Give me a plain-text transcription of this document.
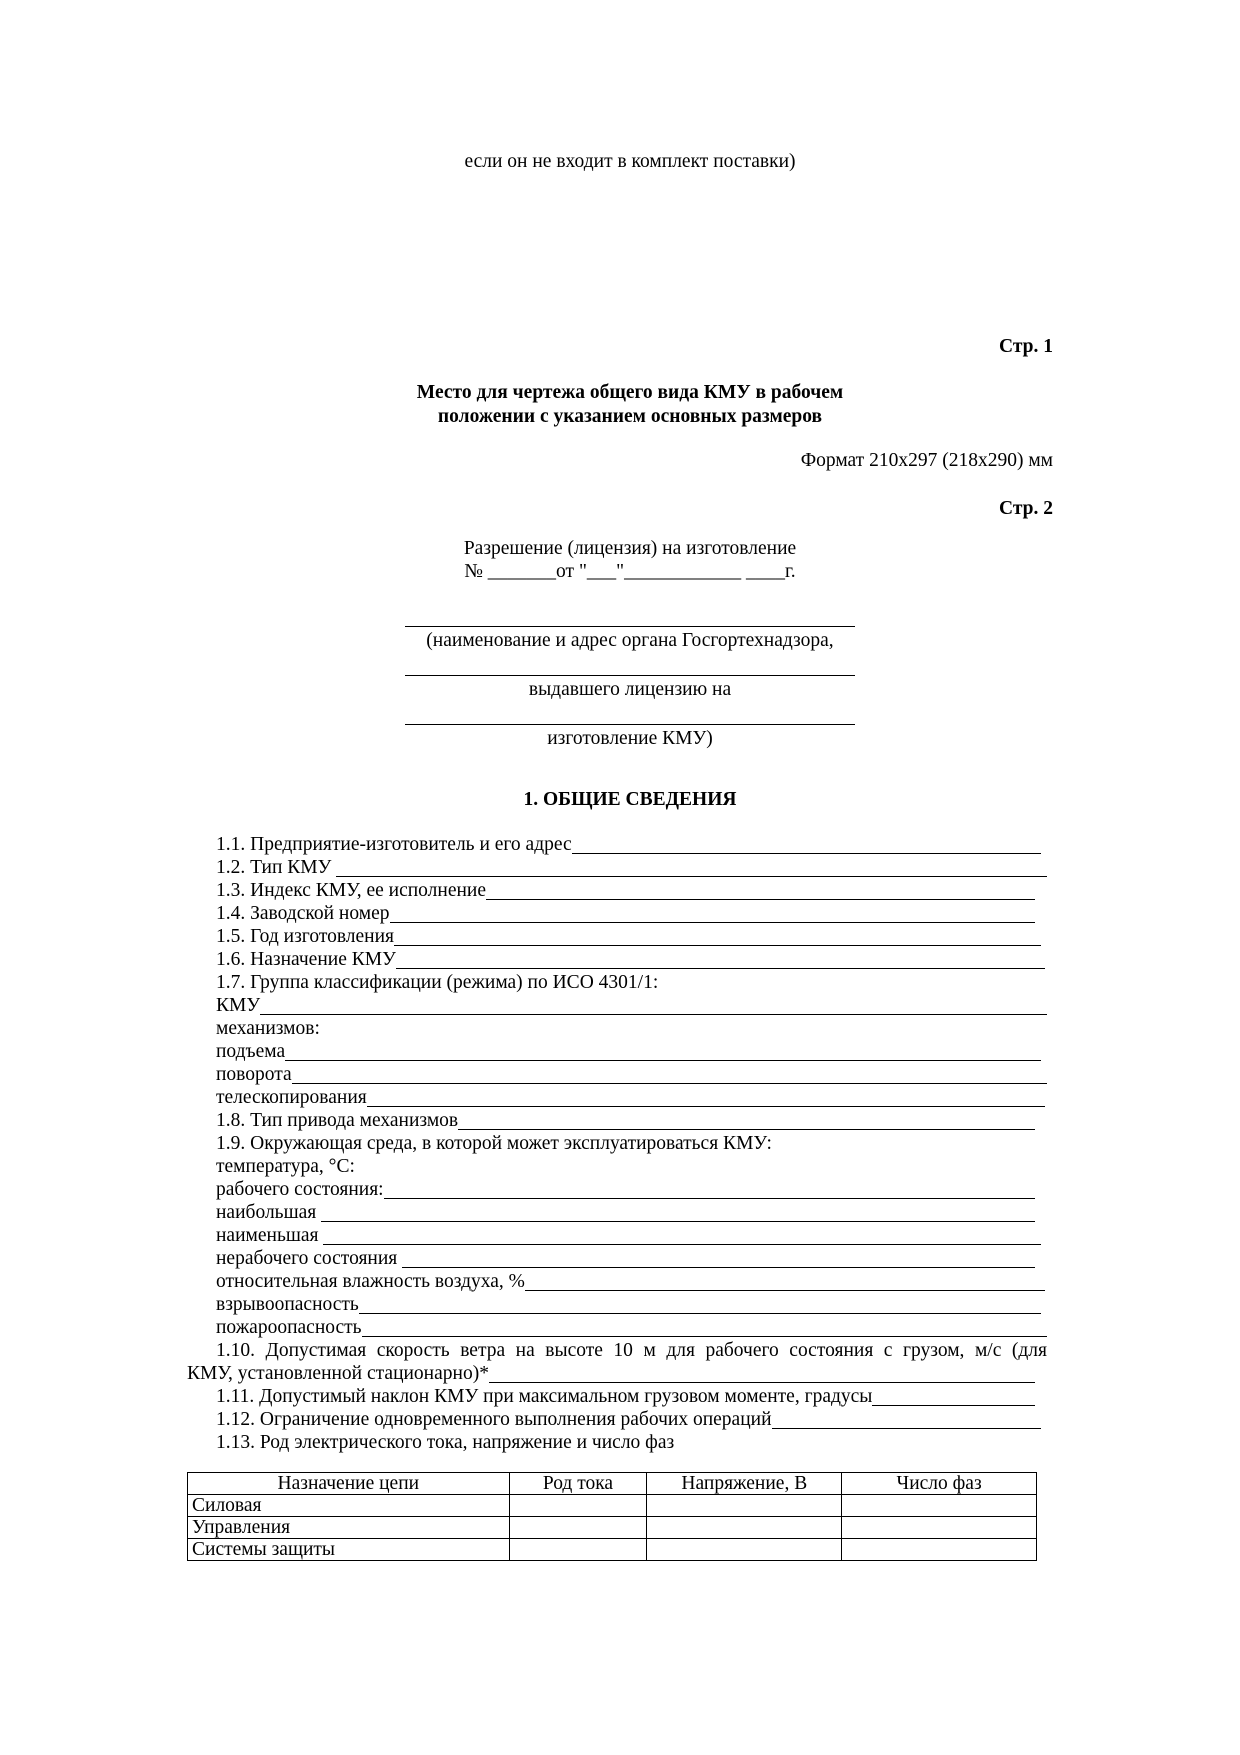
если он не входит в комплект поставки)
Стр. 1
Место для чертежа общего вида КМУ в рабочем
положении с указанием основных размеров
Формат 210х297 (218х290) мм
Стр. 2
Разрешение (лицензия) на изготовление
№ _______от "___"____________ ____г.
(наименование и адрес органа Госгортехнадзора,
выдавшего лицензию на
изготовление КМУ)
1. ОБЩИЕ СВЕДЕНИЯ
1.1. Предприятие-изготовитель и его адрес
1.2. Тип КМУ
1.3. Индекс КМУ, ее исполнение
1.4. Заводской номер
1.5. Год изготовления
1.6. Назначение КМУ
1.7. Группа классификации (режима) по ИСО 4301/1:
КМУ
механизмов:
подъема
поворота
телескопирования
1.8. Тип привода механизмов
1.9. Окружающая среда, в которой может эксплуатироваться КМУ:
температура, °С:
рабочего состояния:
наибольшая
наименьшая
нерабочего состояния
относительная влажность воздуха, %
взрывоопасность
пожароопасность
1.10. Допустимая скорость ветра на высоте 10 м для рабочего состояния с грузом, м/с (для
КМУ, установленной стационарно)*
1.11. Допустимый наклон КМУ при максимальном грузовом моменте, градусы
1.12. Ограничение одновременного выполнения рабочих операций
1.13. Род электрического тока, напряжение и число фаз
Назначение цепи	Род тока	Напряжение, В	Число фаз
Силовая			
Управления			
Системы защиты			
